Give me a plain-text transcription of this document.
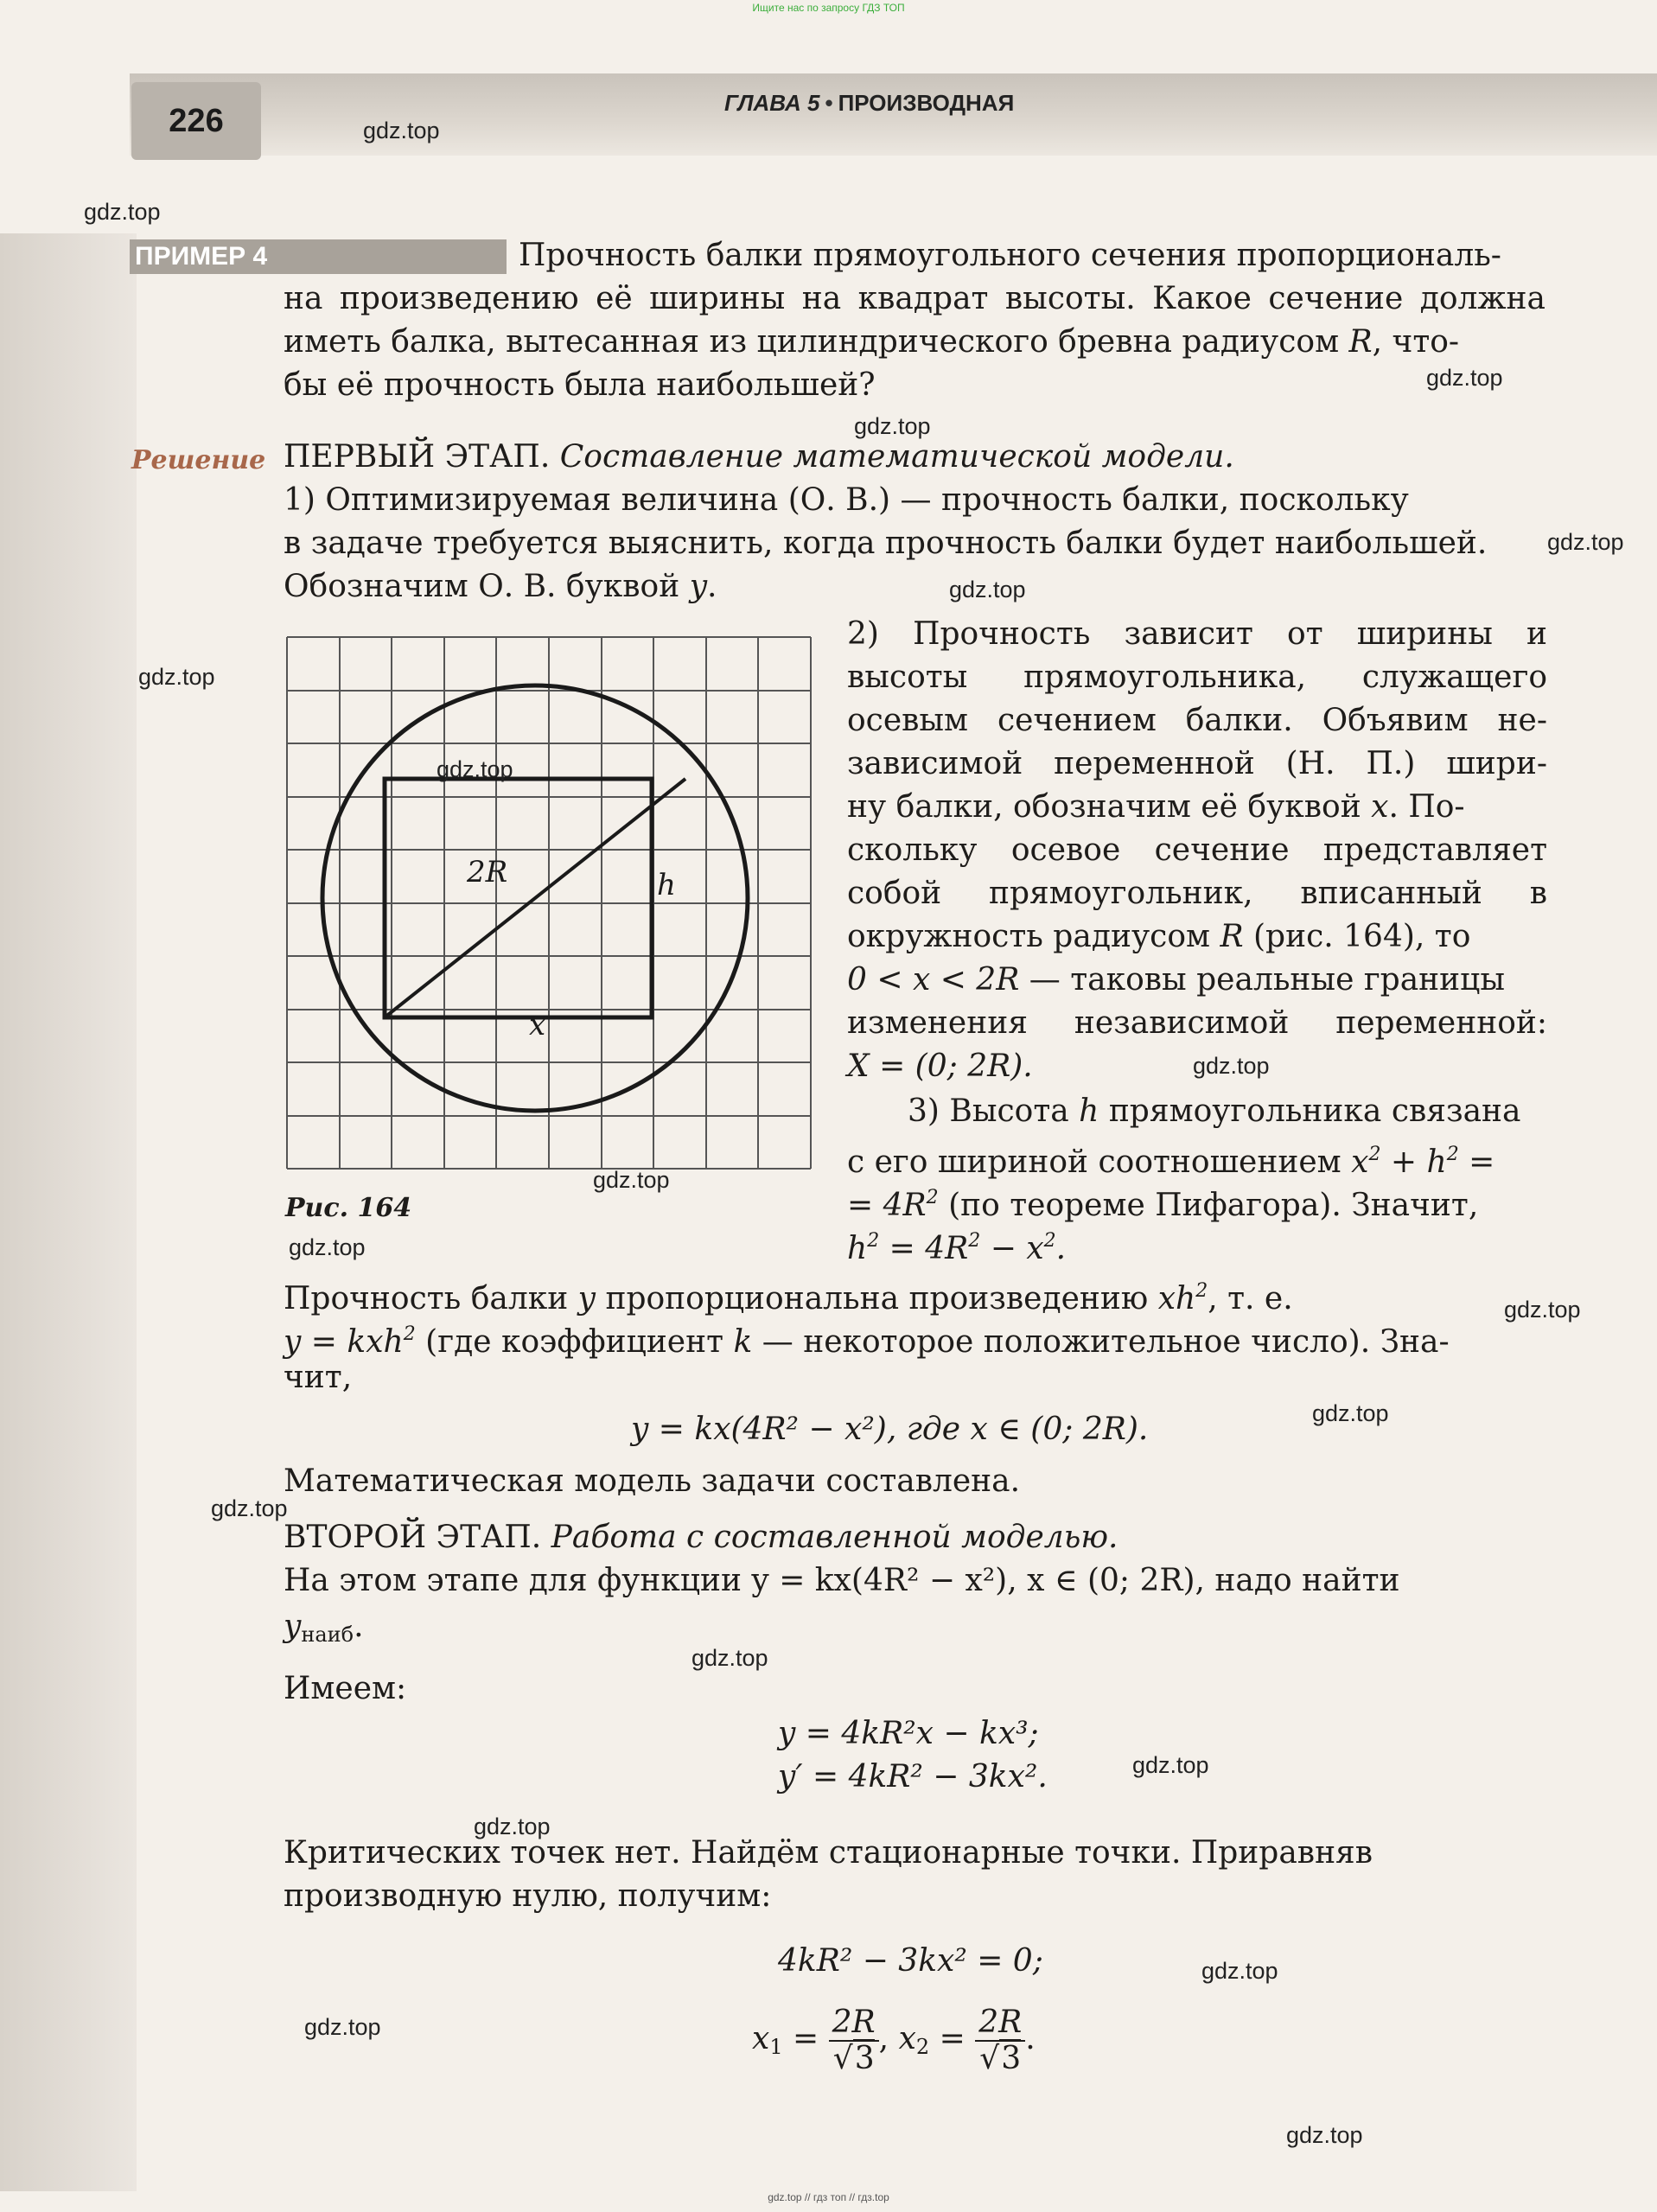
Ищите нас по запросу ГДЗ ТОП
226	ГЛАВА 5 • ПРОИЗВОДНАЯ
ПРИМЕР 4	Прочность балки прямоугольного сечения пропорциональ-
на произведению её ширины на квадрат высоты. Какое сечение должна
иметь балка, вытесанная из цилиндрического бревна радиусом R, что-
бы её прочность была наибольшей?
Решение ПЕРВЫЙ ЭТАП. Составление математической модели.
1) Оптимизируемая величина (О. В.) — прочность балки, поскольку
в задаче требуется выяснить, когда прочность балки будет наибольшей.
Обозначим О. В. буквой y.
2R	h
x
Рис. 164
2) Прочность зависит от ширины и
высоты прямоугольника, служащего
осевым сечением балки. Объявим не-
зависимой переменной (Н. П.) шири-
ну балки, обозначим её буквой x. По-
скольку осевое сечение представляет
собой прямоугольник, вписанный в
окружность радиусом R (рис. 164), то
0 < x < 2R — таковы реальные границы
изменения независимой переменной:
X = (0; 2R).
3) Высота h прямоугольника связана
с его шириной соотношением $x^2 + h^2$ =
= $4R^2$ (по теореме Пифагора). Значит,
$h^2 = 4R^2 - x^2$.
Прочность балки y пропорциональна произведению $xh^2$, т. е.
y = kxh$^2$ (где коэффициент k — некоторое положительное число). Зна-
чит,
y = kx(4R² − x²), где x ∈ (0; 2R).
Математическая модель задачи составлена.
ВТОРОЙ ЭТАП. Работа с составленной моделью.
На этом этапе для функции y = kx(4R² − x²), x ∈ (0; 2R), надо найти
$y_{наиб}$.
Имеем:
y = 4kR²x − kx³;
y′ = 4kR² − 3kx².
Критических точек нет. Найдём стационарные точки. Приравняв
производную нулю, получим:
4kR² − 3kx² = 0;
$x_1 = \frac{2R}{√3}$ , $x_2 = \frac{2R}{√3}$ .
gdz.top
gdz.top
gdz.top
gdz.top
gdz.top
gdz.top
gdz.top
gdz.top
gdz.top
gdz.top
gdz.top
gdz.top
gdz.top
gdz.top
gdz.top
gdz.top
gdz.top
gdz.top
gdz.top
gdz.top
gdz.top // гдз топ // гдз.top
